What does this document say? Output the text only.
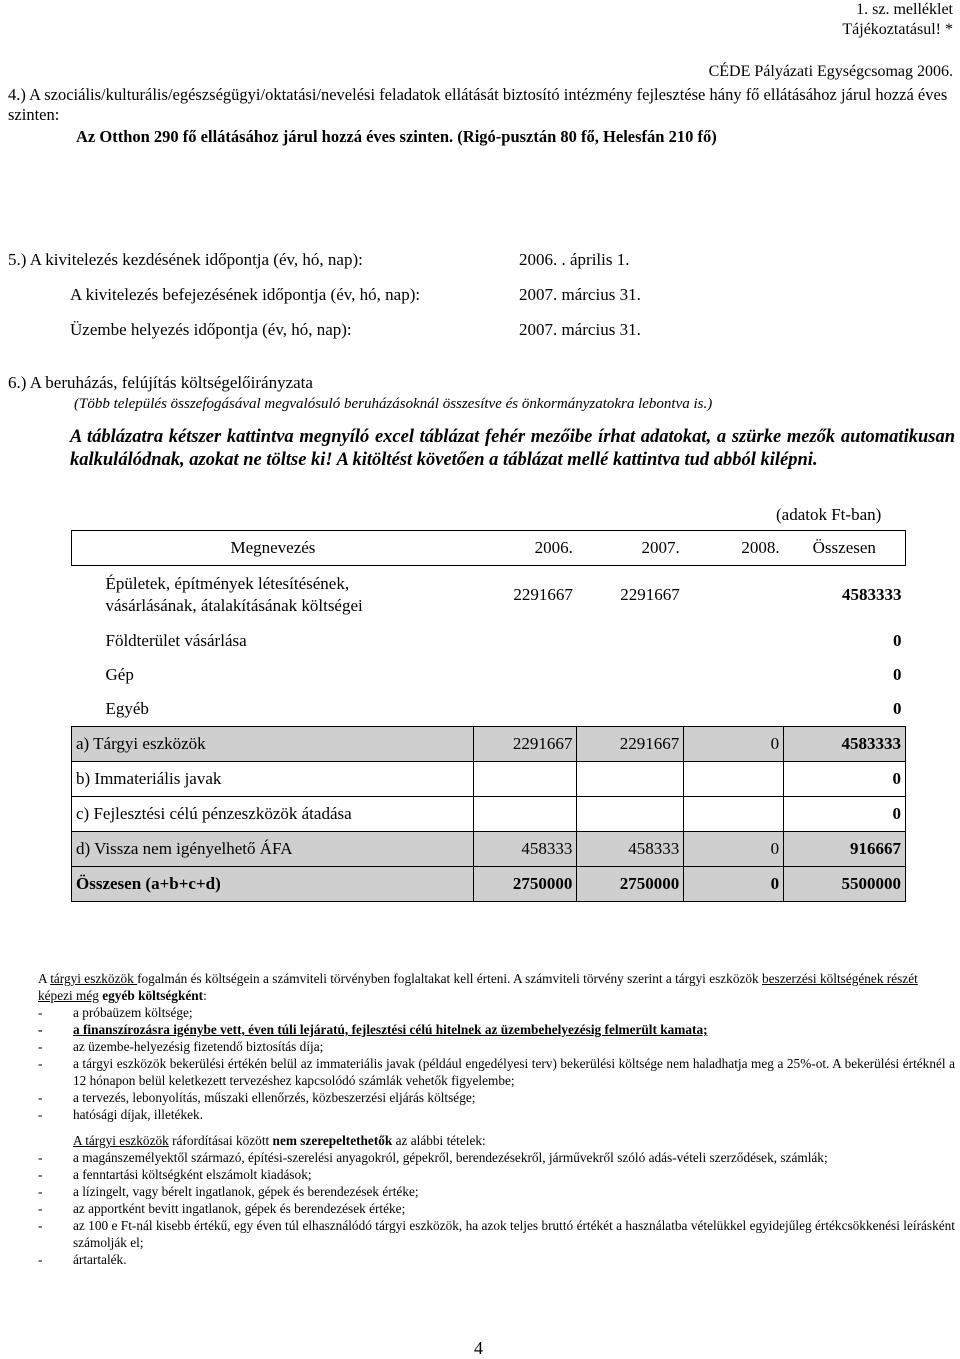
1. sz. melléklet
Tájékoztatásul! *
CÉDE Pályázati Egységcsomag 2006.
4.) A szociális/kulturális/egészségügyi/oktatási/nevelési feladatok ellátását biztosító intézmény fejlesztése hány fő ellátásához járul hozzá éves szinten:
Az Otthon 290 fő ellátásához járul hozzá éves szinten. (Rigó-pusztán 80 fő, Helesfán 210 fő)
5.) A kivitelezés kezdésének időpontja (év, hó, nap):	2006. . április 1.
A kivitelezés befejezésének időpontja (év, hó, nap):	2007. március 31.
Üzembe helyezés időpontja (év, hó, nap):	2007. március 31.
6.) A beruházás, felújítás költségelőirányzata
(Több település összefogásával megvalósuló beruházásoknál összesítve és önkormányzatokra lebontva is.)
A táblázatra kétszer kattintva megnyíló excel táblázat fehér mezőibe írhat adatokat, a szürke mezők automatikusan kalkulálódnak, azokat ne töltse ki! A kitöltést követően a táblázat mellé kattintva tud abból kilépni.
(adatok Ft-ban)
Megnevezés	2006.	2007.	2008.	Összesen
Épületek, építmények létesítésének,
vásárlásának, átalakításának költségei	2291667	2291667		4583333
Földterület vásárlása				0
Gép				0
Egyéb				0
a) Tárgyi eszközök	2291667	2291667	0	4583333
b) Immateriális javak				0
c) Fejlesztési célú pénzeszközök átadása				0
d) Vissza nem igényelhető ÁFA	458333	458333	0	916667
Összesen (a+b+c+d)	2750000	2750000	0	5500000

A tárgyi eszközök fogalmán és költségein a számviteli törvényben foglaltakat kell érteni. A számviteli törvény szerint a tárgyi eszközök beszerzési költségének részét képezi még egyéb költségként:

- a próbaüzem költsége;
- a finanszírozásra igénybe vett, éven túli lejáratú, fejlesztési célú hitelnek az üzembehelyezésig felmerült kamata;
- az üzembe-helyezésig fizetendő biztosítás díja;
- a tárgyi eszközök bekerülési értékén belül az immateriális javak (például engedélyesi terv) bekerülési költsége nem haladhatja meg a 25%-ot. A bekerülési értéknél a 12 hónapon belül keletkezett tervezéshez kapcsolódó számlák vehetők figyelembe;
- a tervezés, lebonyolítás, műszaki ellenőrzés, közbeszerzési eljárás költsége;
- hatósági díjak, illetékek.

A tárgyi eszközök ráfordításai között nem szerepeltethetők az alábbi tételek:

- a magánszemélyektől származó, építési-szerelési anyagokról, gépekről, berendezésekről, járművekről szóló adás-vételi szerződések, számlák;
- a fenntartási költségként elszámolt kiadások;
- a lízingelt, vagy bérelt ingatlanok, gépek és berendezések értéke;
- az apportként bevitt ingatlanok, gépek és berendezések értéke;
- az 100 e Ft-nál kisebb értékű, egy éven túl elhasználódó tárgyi eszközök, ha azok teljes bruttó értékét a használatba vételükkel egyidejűleg értékcsökkenési leírásként számolják el;
- ártartalék.
4
